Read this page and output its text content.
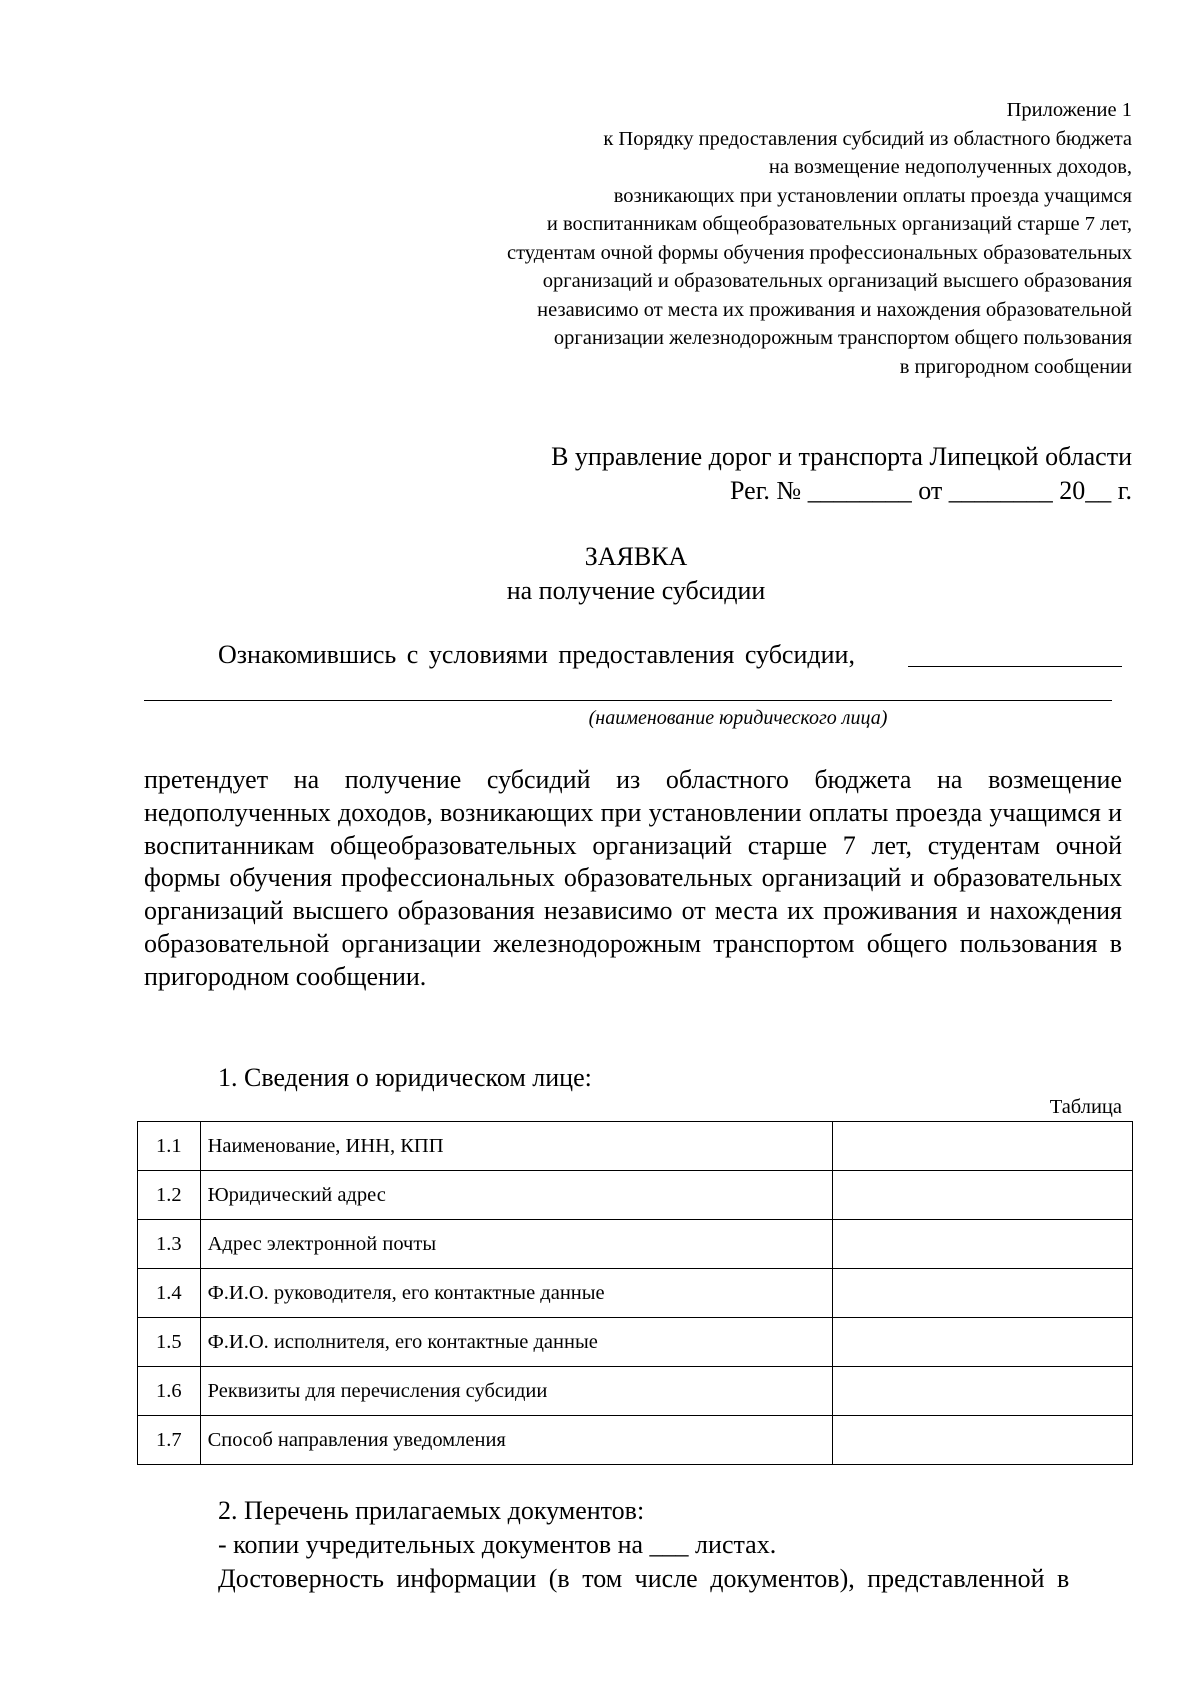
Приложение 1
к Порядку предоставления субсидий из областного бюджета
на возмещение недополученных доходов,
возникающих при установлении оплаты проезда учащимся
и воспитанникам общеобразовательных организаций старше 7 лет,
студентам очной формы обучения профессиональных образовательных
организаций и образовательных организаций высшего образования
независимо от места их проживания и нахождения образовательной
организации железнодорожным транспортом общего пользования
в пригородном сообщении
В управление дорог и транспорта Липецкой области
Рег. № ________ от ________ 20__ г.
ЗАЯВКА
на получение субсидии
Ознакомившись с условиями предоставления субсидии,
(наименование юридического лица)

претендует на получение субсидий из областного бюджета на возмещение недополученных доходов, возникающих при установлении оплаты проезда учащимся и воспитанникам общеобразовательных организаций старше 7 лет, студентам очной формы обучения профессиональных образовательных организаций и образовательных организаций высшего образования независимо от места их проживания и нахождения образовательной организации железнодорожным транспортом общего пользования в пригородном сообщении.

1. Сведения о юридическом лице:
Таблица
1.1	Наименование, ИНН, КПП	
1.2	Юридический адрес	
1.3	Адрес электронной почты	
1.4	Ф.И.О. руководителя, его контактные данные	
1.5	Ф.И.О. исполнителя, его контактные данные	
1.6	Реквизиты для перечисления субсидии	
1.7	Способ направления уведомления	
2. Перечень прилагаемых документов:
- копии учредительных документов на ___ листах.
Достоверность информации (в том числе документов), представленной в
